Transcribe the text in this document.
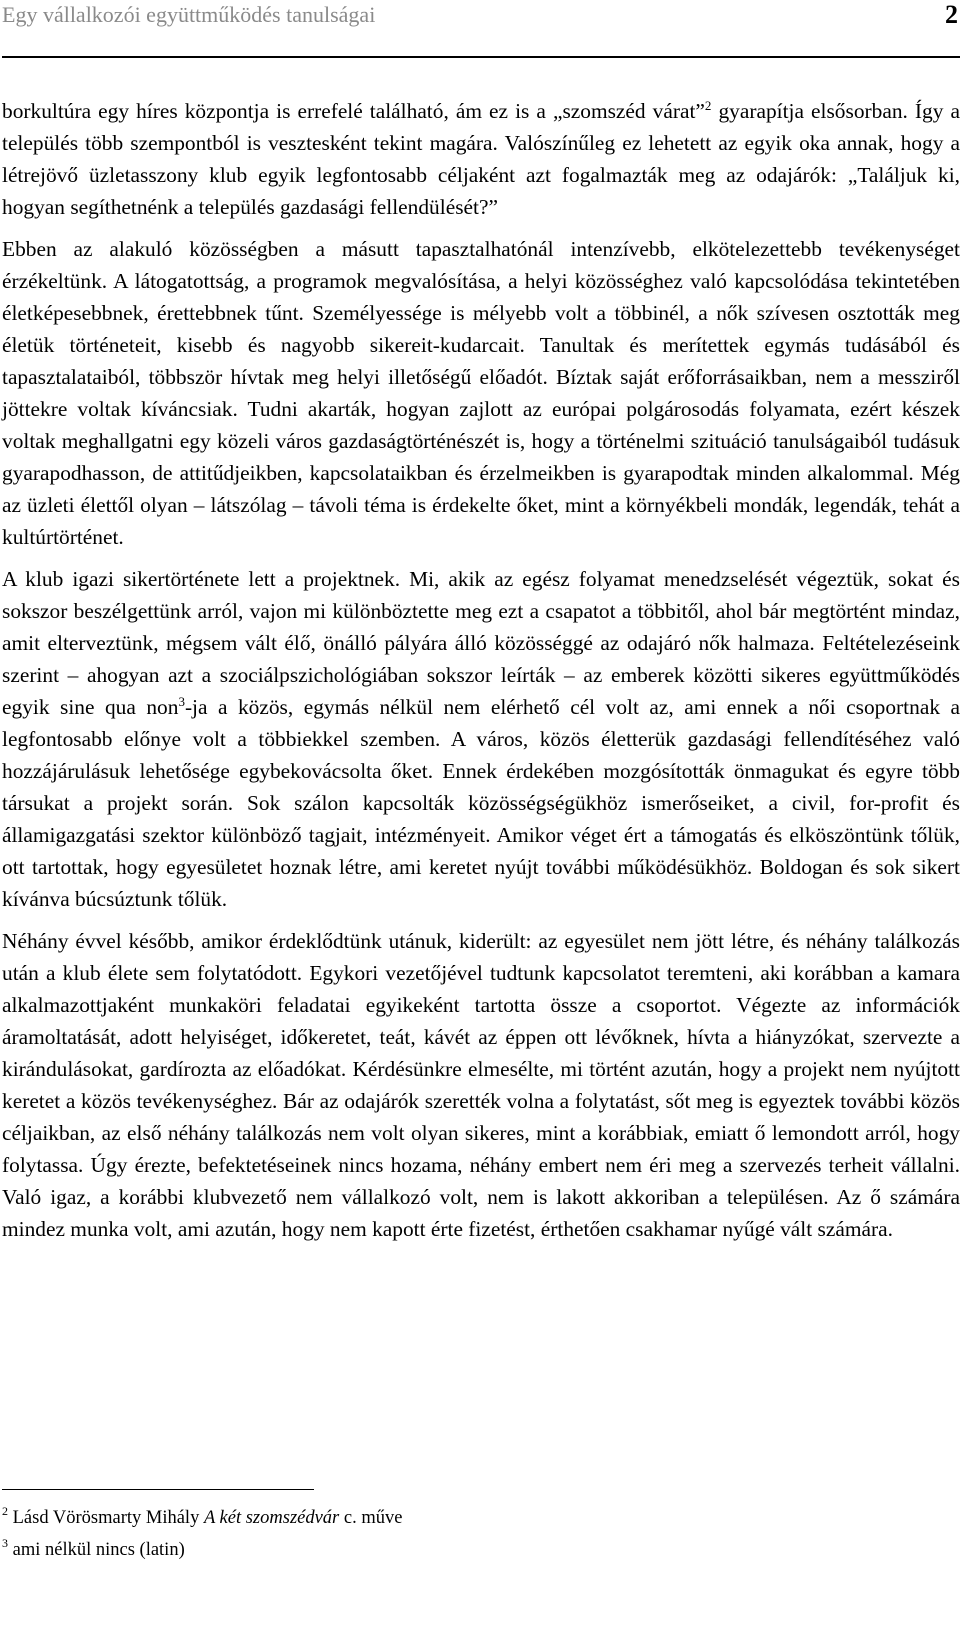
Egy vállalkozói együttműködés tanulságai	2

borkultúra egy híres központja is errefelé található, ám ez is a „szomszéd várat”$^2$ gyarapítja elsősorban. Így a település több szempontból is vesztesként tekint magára. Valószínűleg ez lehetett az egyik oka annak, hogy a létrejövő üzletasszony klub egyik legfontosabb céljaként azt fogalmazták meg az odajárók: „Találjuk ki, hogyan segíthetnénk a település gazdasági fellendülését?”

Ebben az alakuló közösségben a másutt tapasztalhatónál intenzívebb, elkötelezettebb tevékenységet érzékeltünk. A látogatottság, a programok megvalósítása, a helyi közösséghez való kapcsolódása tekintetében életképesebbnek, érettebbnek tűnt. Személyessége is mélyebb volt a többinél, a nők szívesen osztották meg életük történeteit, kisebb és nagyobb sikereit-kudarcait. Tanultak és merítettek egymás tudásából és tapasztalataiból, többször hívtak meg helyi illetőségű előadót. Bíztak saját erőforrásaikban, nem a messziről jöttekre voltak kíváncsiak. Tudni akarták, hogyan zajlott az európai polgárosodás folyamata, ezért készek voltak meghallgatni egy közeli város gazdaságtörténészét is, hogy a történelmi szituáció tanulságaiból tudásuk gyarapodhasson, de attitűdjeikben, kapcsolataikban és érzelmeikben is gyarapodtak minden alkalommal. Még az üzleti élettől olyan – látszólag – távoli téma is érdekelte őket, mint a környékbeli mondák, legendák, tehát a kultúrtörténet.

A klub igazi sikertörténete lett a projektnek. Mi, akik az egész folyamat menedzselését végeztük, sokat és sokszor beszélgettünk arról, vajon mi különböztette meg ezt a csapatot a többitől, ahol bár megtörtént mindaz, amit elterveztünk, mégsem vált élő, önálló pályára álló közösséggé az odajáró nők halmaza. Feltételezéseink szerint – ahogyan azt a szociálpszichológiában sokszor leírták – az emberek közötti sikeres együttműködés egyik sine qua non$^3$-ja a közös, egymás nélkül nem elérhető cél volt az, ami ennek a női csoportnak a legfontosabb előnye volt a többiekkel szemben. A város, közös életterük gazdasági fellendítéséhez való hozzájárulásuk lehetősége egybekovácsolta őket. Ennek érdekében mozgósították önmagukat és egyre több társukat a projekt során. Sok szálon kapcsolták közösségségükhöz ismerőseiket, a civil, for-profit és államigazgatási szektor különböző tagjait, intézményeit. Amikor véget ért a támogatás és elköszöntünk tőlük, ott tartottak, hogy egyesületet hoznak létre, ami keretet nyújt további működésükhöz. Boldogan és sok sikert kívánva búcsúztunk tőlük.

Néhány évvel később, amikor érdeklődtünk utánuk, kiderült: az egyesület nem jött létre, és néhány találkozás után a klub élete sem folytatódott. Egykori vezetőjével tudtunk kapcsolatot teremteni, aki korábban a kamara alkalmazottjaként munkaköri feladatai egyikeként tartotta össze a csoportot. Végezte az információk áramoltatását, adott helyiséget, időkeretet, teát, kávét az éppen ott lévőknek, hívta a hiányzókat, szervezte a kirándulásokat, gardírozta az előadókat. Kérdésünkre elmesélte, mi történt azután, hogy a projekt nem nyújtott keretet a közös tevékenységhez. Bár az odajárók szerették volna a folytatást, sőt meg is egyeztek további közös céljaikban, az első néhány találkozás nem volt olyan sikeres, mint a korábbiak, emiatt ő lemondott arról, hogy folytassa. Úgy érezte, befektetéseinek nincs hozama, néhány embert nem éri meg a szervezés terheit vállalni. Való igaz, a korábbi klubvezető nem vállalkozó volt, nem is lakott akkoriban a településen. Az ő számára mindez munka volt, ami azután, hogy nem kapott érte fizetést, érthetően csakhamar nyűgé vált számára.

$^2$ Lásd Vörösmarty Mihály A két szomszédvár c. műve
$^3$ ami nélkül nincs (latin)
